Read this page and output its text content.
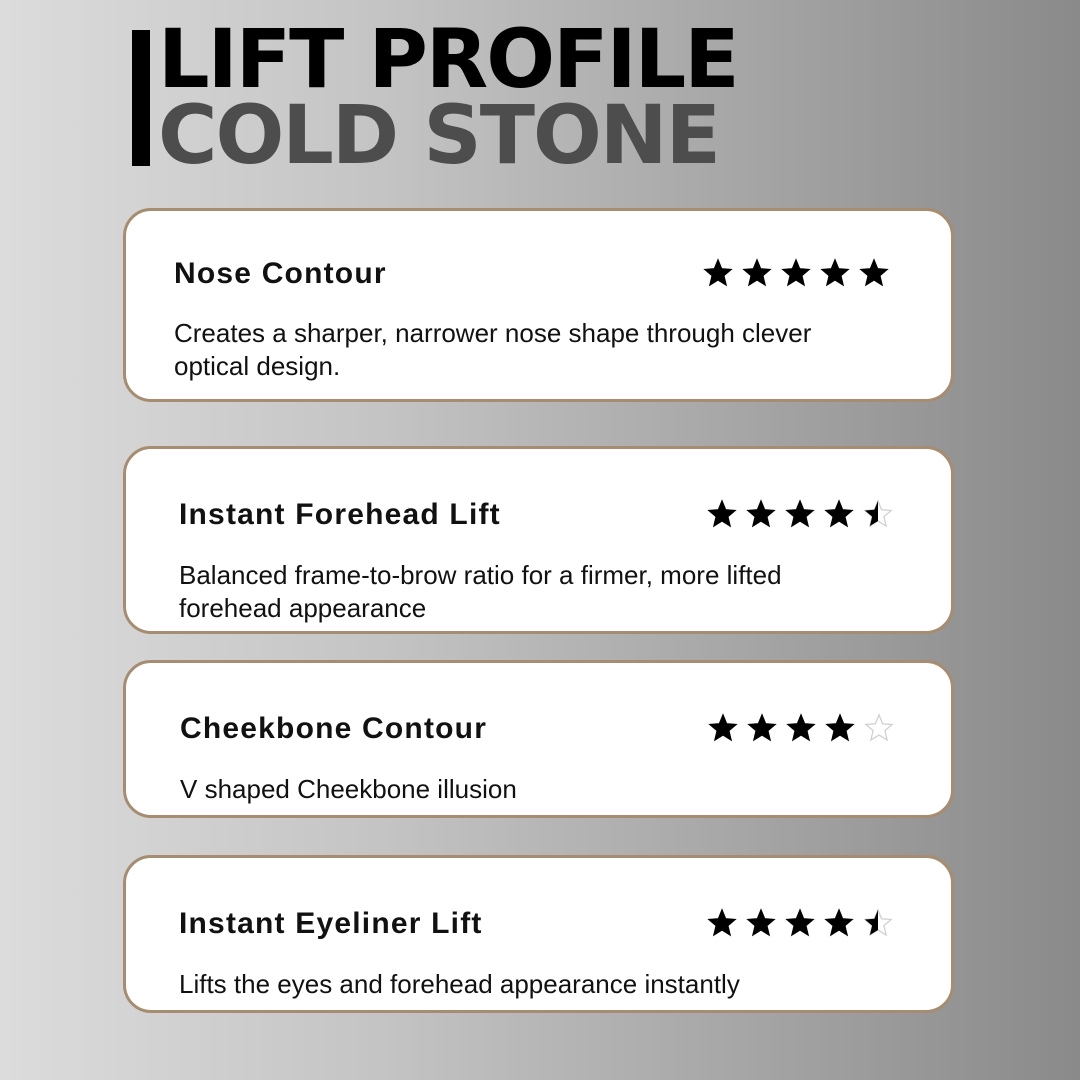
LIFT PROFILE
COLD STONE

Nose Contour

Creates a sharper, narrower nose shape through clever optical design.

Instant Forehead Lift

Balanced frame-to-brow ratio for a firmer, more lifted forehead appearance

Cheekbone Contour

V shaped Cheekbone illusion

Instant Eyeliner Lift

Lifts the eyes and forehead appearance instantly
